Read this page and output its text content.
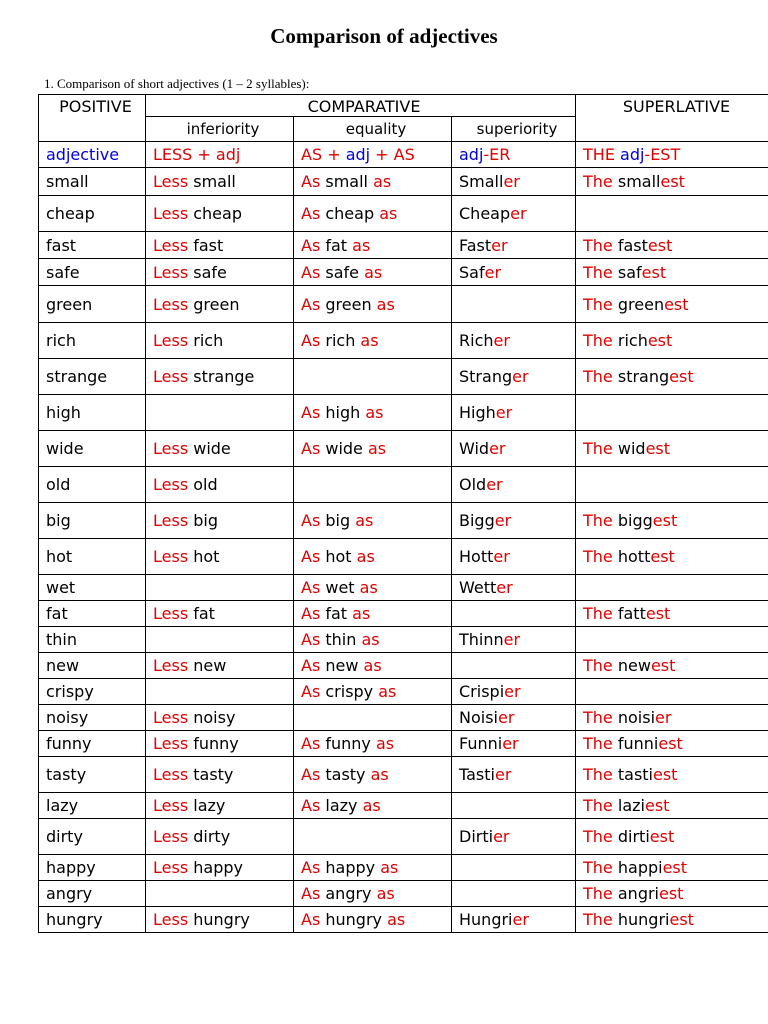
Comparison of adjectives
1. Comparison of short adjectives (1 – 2 syllables):
POSITIVE	COMPARATIVE			SUPERLATIVE
	inferiority	equality	superiority	
adjective	LESS + adj	AS + adj + AS	adj-ER	THE adj-EST
small	Less small	As small as	Smaller	The smallest
cheap	Less cheap	As cheap as	Cheaper	
fast	Less fast	As fat as	Faster	The fastest
safe	Less safe	As safe as	Safer	The safest
green	Less green	As green as		The greenest
rich	Less rich	As rich as	Richer	The richest
strange	Less strange		Stranger	The strangest
high		As high as	Higher	
wide	Less wide	As wide as	Wider	The widest
old	Less old		Older	
big	Less big	As big as	Bigger	The biggest
hot	Less hot	As hot as	Hotter	The hottest
wet		As wet as	Wetter	
fat	Less fat	As fat as		The fattest
thin		As thin as	Thinner	
new	Less new	As new as		The newest
crispy		As crispy as	Crispier	
noisy	Less noisy		Noisier	The noisier
funny	Less funny	As funny as	Funnier	The funniest
tasty	Less tasty	As tasty as	Tastier	The tastiest
lazy	Less lazy	As lazy as		The laziest
dirty	Less dirty		Dirtier	The dirtiest
happy	Less happy	As happy as		The happiest
angry		As angry as		The angriest
hungry	Less hungry	As hungry as	Hungrier	The hungriest
